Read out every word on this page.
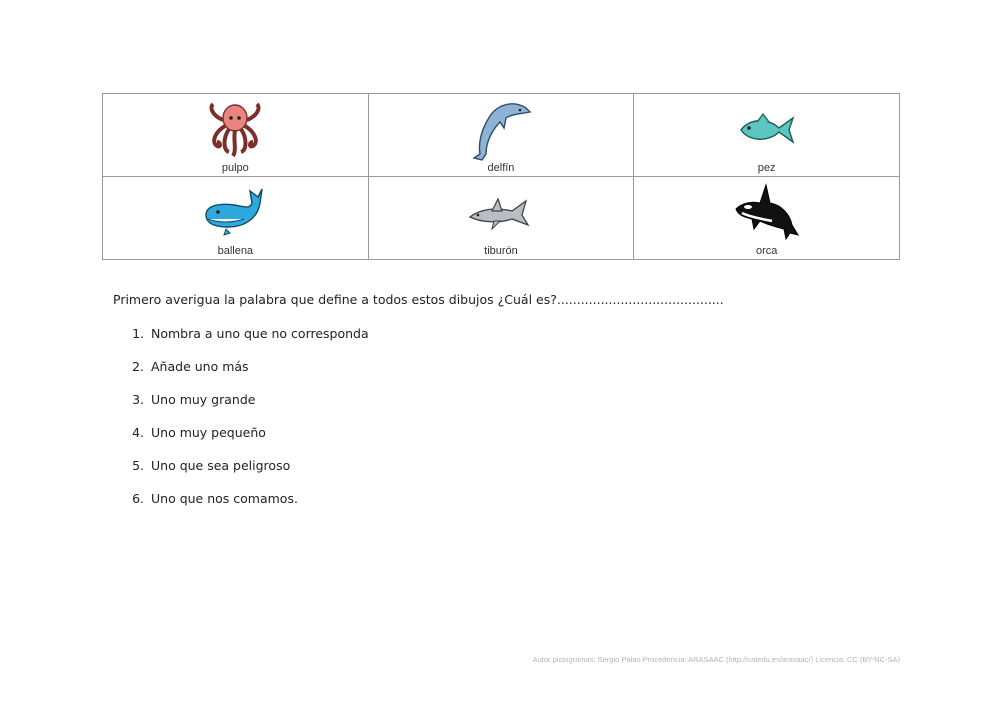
pulpo	delfín	pez

ballena	tiburón	orca
Primero averigua la palabra que define a todos estos dibujos ¿Cuál es?..........................................
1. Nombra a uno que no corresponda
2. Añade uno más
3. Uno muy grande
4. Uno muy pequeño
5. Uno que sea peligroso
6. Uno que nos comamos.
Autor pictogramas: Sergio Palao Procedencia: ARASAAC (http://catedu.es/arasaac/) Licencia: CC (BY-NC-SA)
